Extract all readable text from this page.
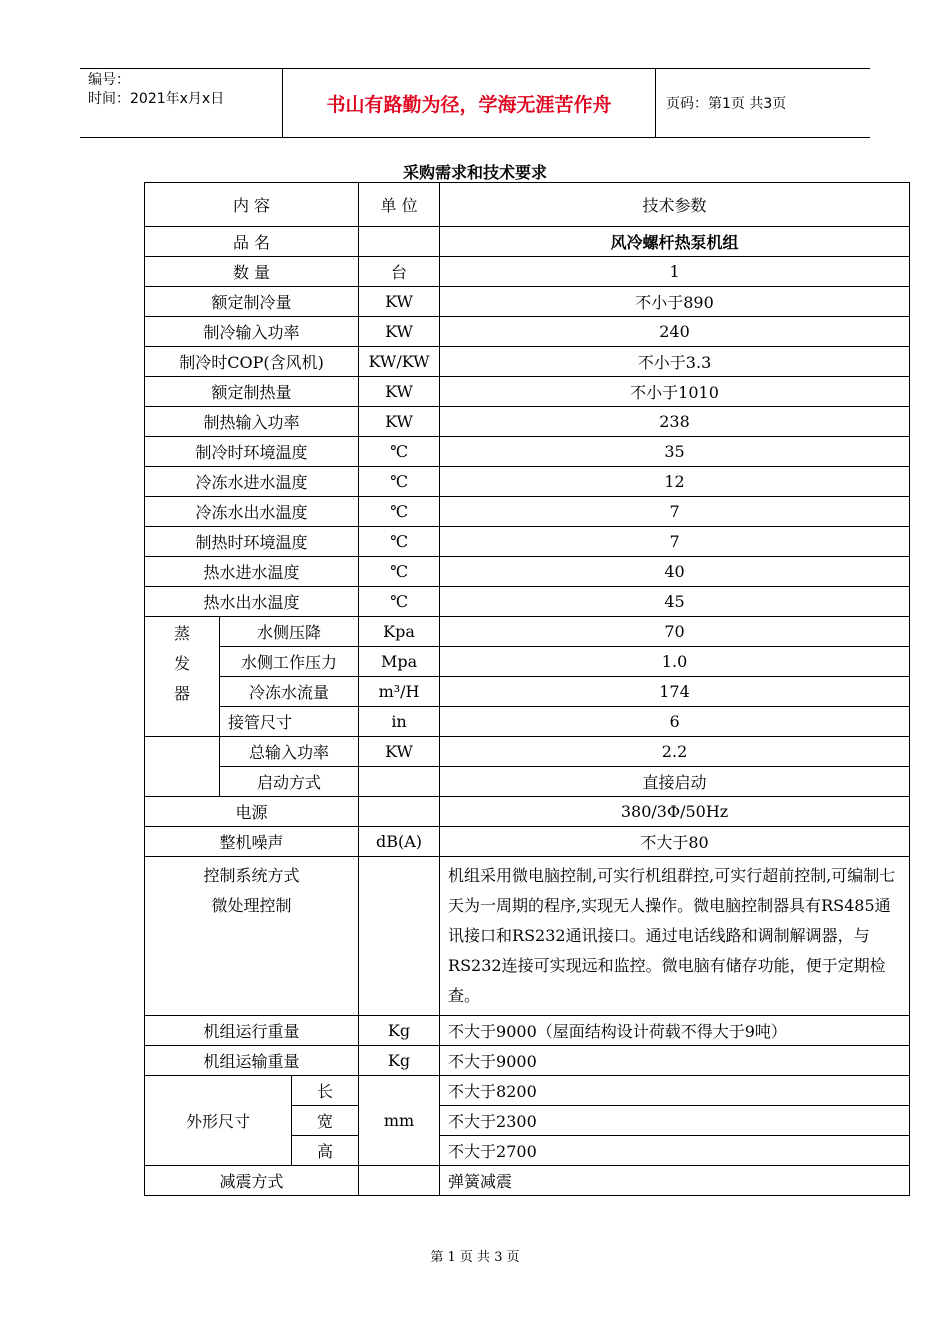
编号：
时间：2021年x月x日	书山有路勤为径，学海无涯苦作舟	页码：第1页 共3页
采购需求和技术要求
内 容			单 位	技术参数
品 名				风冷螺杆热泵机组
数 量			台	1
额定制冷量			KW	不小于890
制冷输入功率			KW	240
制冷时COP(含风机)			KW/KW	不小于3.3
额定制热量			KW	不小于1010
制热输入功率			KW	238
制冷时环境温度			℃	35
冷冻水进水温度			℃	12
冷冻水出水温度			℃	7
制热时环境温度			℃	7
热水进水温度			℃	40
热水出水温度			℃	45

蒸
发
器	水侧压降		Kpa	70
	水侧工作压力		Mpa	1.0
	冷冻水流量		m³/H	174
	接管尺寸		in	6
	总输入功率		KW	2.2
	启动方式			直接启动
电源				380/3Φ/50Hz
整机噪声			dB(A)	不大于80

控制系统方式
微处理控制				机组采用微电脑控制,可实行机组群控,可实行超前控制,可编制七天为一周期的程序,实现无人操作。微电脑控制器具有RS485通讯接口和RS232通讯接口。通过电话线路和调制解调器，与RS232连接可实现远和监控。微电脑有储存功能，便于定期检查。
机组运行重量			Kg	不大于9000（屋面结构设计荷载不得大于9吨）
机组运输重量			Kg	不大于9000
外形尺寸		长	mm	不大于8200
		宽		不大于2300
		高		不大于2700
减震方式				弹簧减震
第 1 页 共 3 页
